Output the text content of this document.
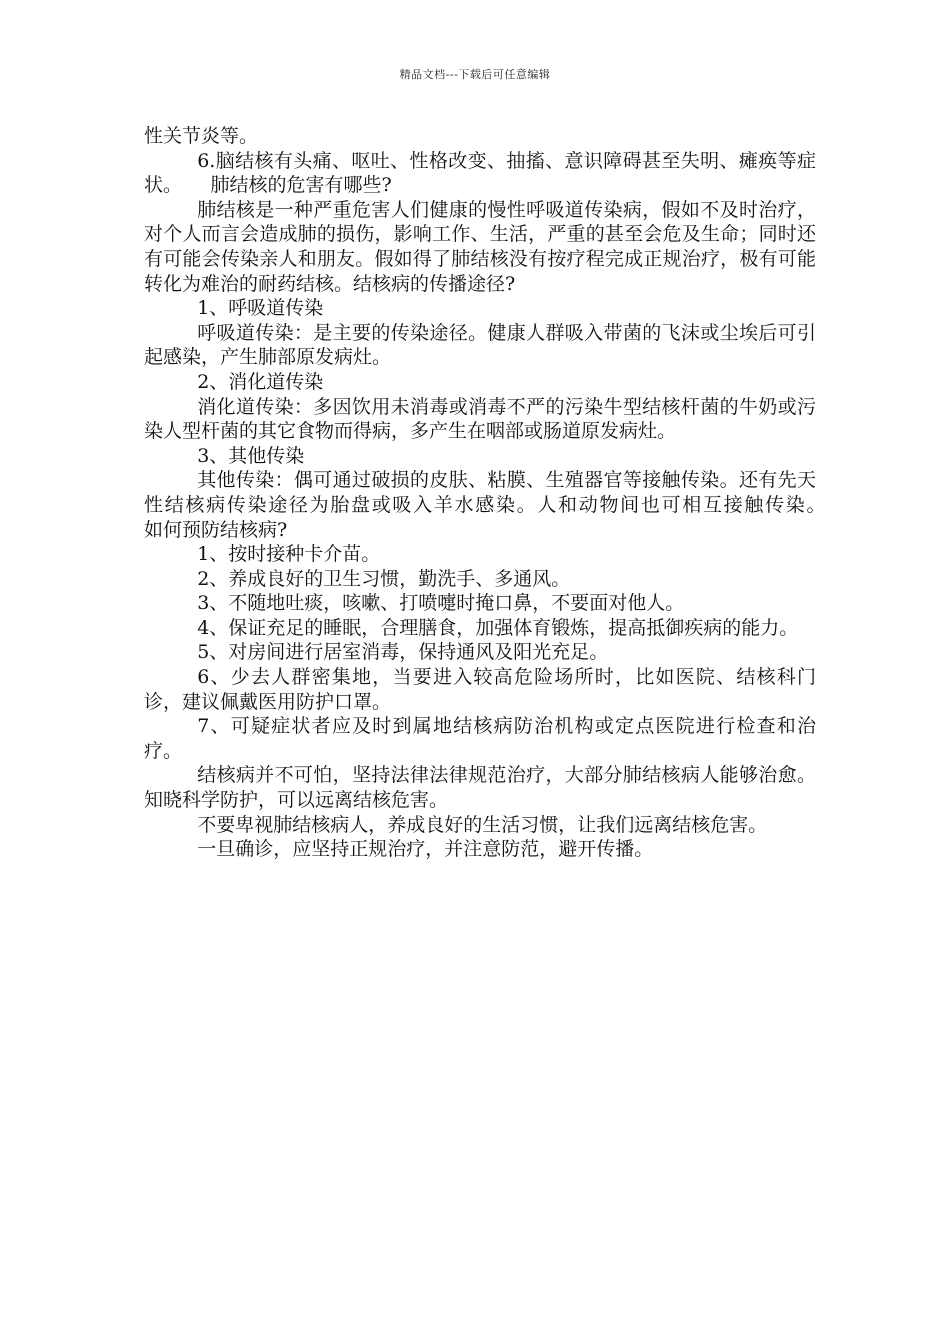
精品文档---下载后可任意编辑

性关节炎等。

6.脑结核有头痛、呕吐、性格改变、抽搐、意识障碍甚至失明、瘫痪等症状。　　肺结核的危害有哪些?

肺结核是一种严重危害人们健康的慢性呼吸道传染病，假如不及时治疗，对个人而言会造成肺的损伤，影响工作、生活，严重的甚至会危及生命；同时还有可能会传染亲人和朋友。假如得了肺结核没有按疗程完成正规治疗，极有可能转化为难治的耐药结核。结核病的传播途径?

1、呼吸道传染

呼吸道传染：是主要的传染途径。健康人群吸入带菌的飞沫或尘埃后可引起感染，产生肺部原发病灶。

2、消化道传染

消化道传染：多因饮用未消毒或消毒不严的污染牛型结核杆菌的牛奶或污染人型杆菌的其它食物而得病，多产生在咽部或肠道原发病灶。

3、其他传染

其他传染：偶可通过破损的皮肤、粘膜、生殖器官等接触传染。还有先天性结核病传染途径为胎盘或吸入羊水感染。人和动物间也可相互接触传染。　　如何预防结核病?

1、按时接种卡介苗。

2、养成良好的卫生习惯，勤洗手、多通风。

3、不随地吐痰，咳嗽、打喷嚏时掩口鼻，不要面对他人。

4、保证充足的睡眠，合理膳食，加强体育锻炼，提高抵御疾病的能力。

5、对房间进行居室消毒，保持通风及阳光充足。

6、少去人群密集地，当要进入较高危险场所时，比如医院、结核科门诊，建议佩戴医用防护口罩。

7、可疑症状者应及时到属地结核病防治机构或定点医院进行检查和治疗。

结核病并不可怕，坚持法律法律规范治疗，大部分肺结核病人能够治愈。知晓科学防护，可以远离结核危害。

不要卑视肺结核病人，养成良好的生活习惯，让我们远离结核危害。

一旦确诊，应坚持正规治疗，并注意防范，避开传播。
